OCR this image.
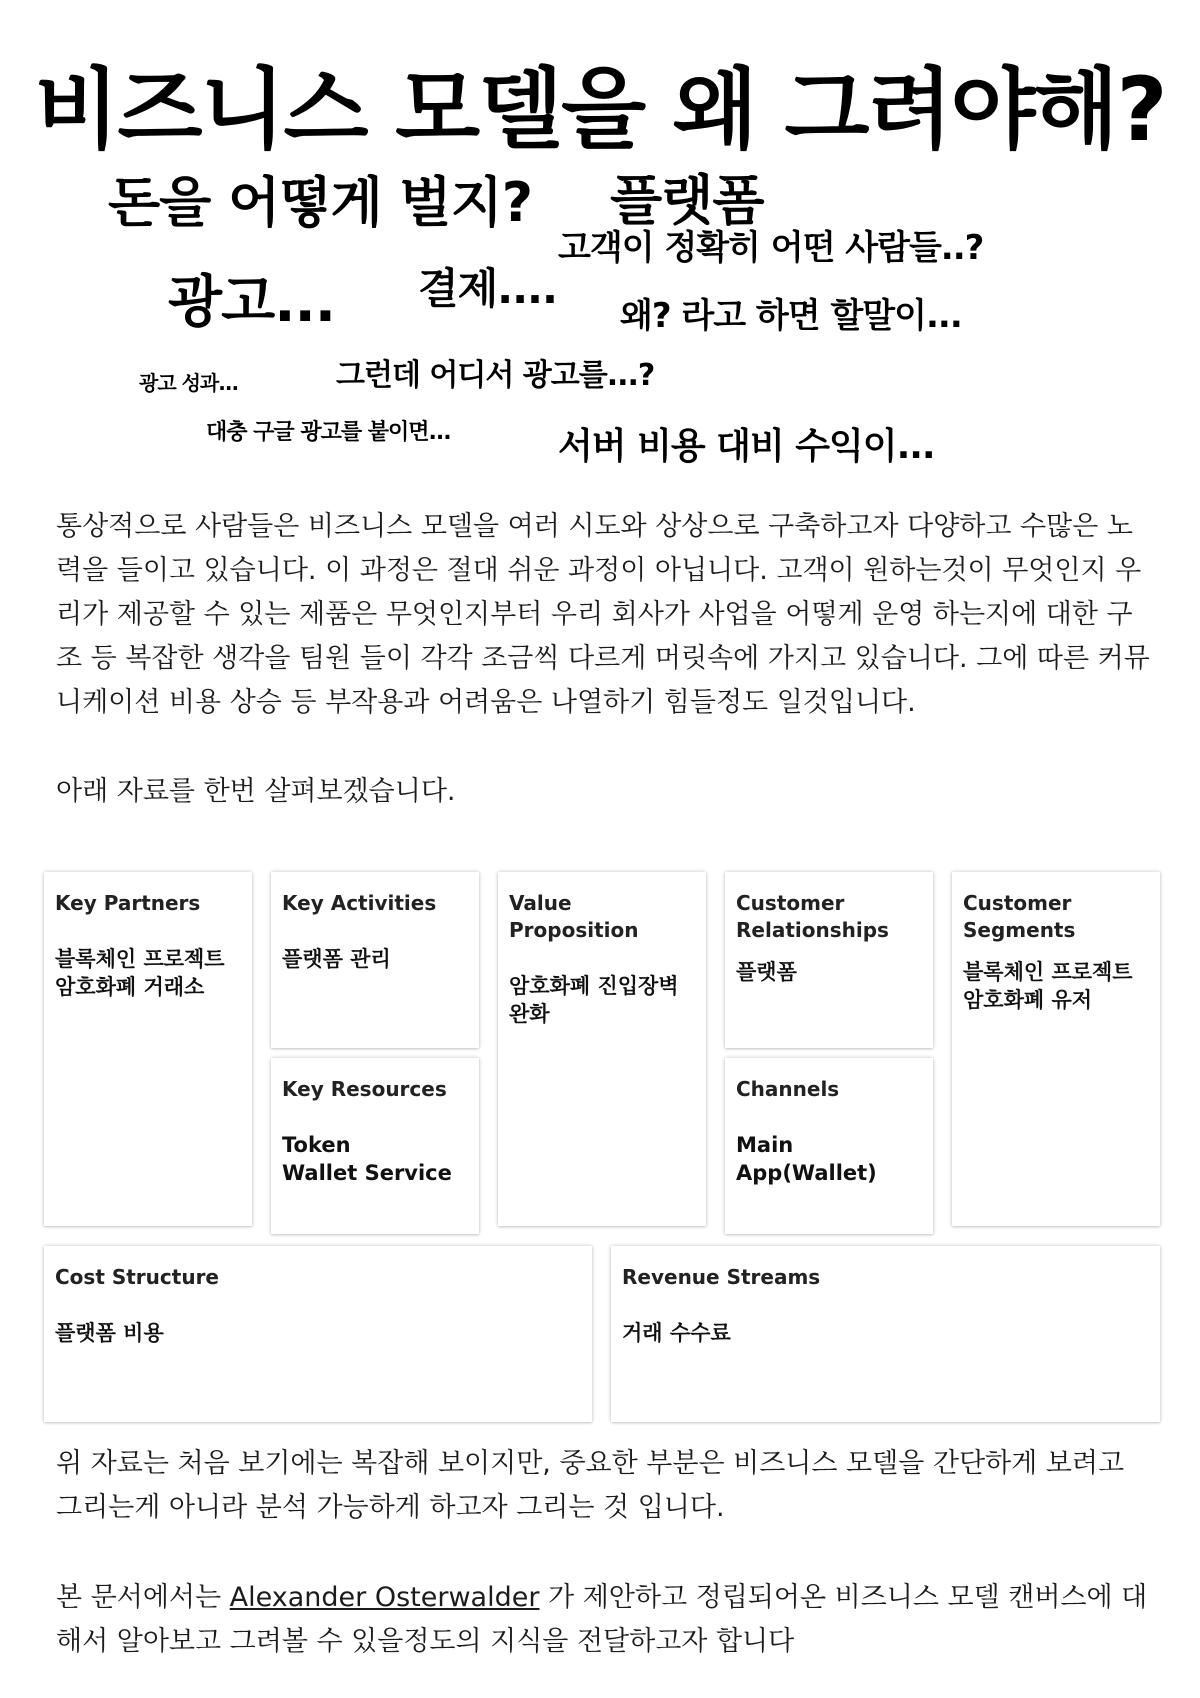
비즈니스 모델을 왜 그려야해?
돈을 어떻게 벌지? 플랫폼
고객이 정확히 어떤 사람들..?
광고... 결제....
왜? 라고 하면 할말이...
광고 성과...	그런데 어디서 광고를...?
대충 구글 광고를 붙이면...	서버 비용 대비 수익이...

통상적으로 사람들은 비즈니스 모델을 여러 시도와 상상으로 구축하고자 다양하고 수많은 노력을 들이고 있습니다. 이 과정은 절대 쉬운 과정이 아닙니다. 고객이 원하는것이 무엇인지 우리가 제공할 수 있는 제품은 무엇인지부터 우리 회사가 사업을 어떻게 운영 하는지에 대한 구조 등 복잡한 생각을 팀원 들이 각각 조금씩 다르게 머릿속에 가지고 있습니다. 그에 따른 커뮤니케이션 비용 상승 등 부작용과 어려움은 나열하기 힘들정도 일것입니다.

아래 자료를 한번 살펴보겠습니다.

Key Partners
블록체인 프로젝트
암호화폐 거래소
Key Activities
플랫폼 관리
Key Resources
Token
Wallet Service
Value Proposition
암호화폐 진입장벽
완화
Customer
Relationships
플랫폼
Channels
Main
App(Wallet)
Customer
Segments
블록체인 프로젝트
암호화폐 유저
Cost Structure
플랫폼 비용
Revenue Streams
거래 수수료

위 자료는 처음 보기에는 복잡해 보이지만, 중요한 부분은 비즈니스 모델을 간단하게 보려고 그리는게 아니라 분석 가능하게 하고자 그리는 것 입니다.

본 문서에서는 Alexander Osterwalder 가 제안하고 정립되어온 비즈니스 모델 캔버스에 대해서 알아보고 그려볼 수 있을정도의 지식을 전달하고자 합니다
